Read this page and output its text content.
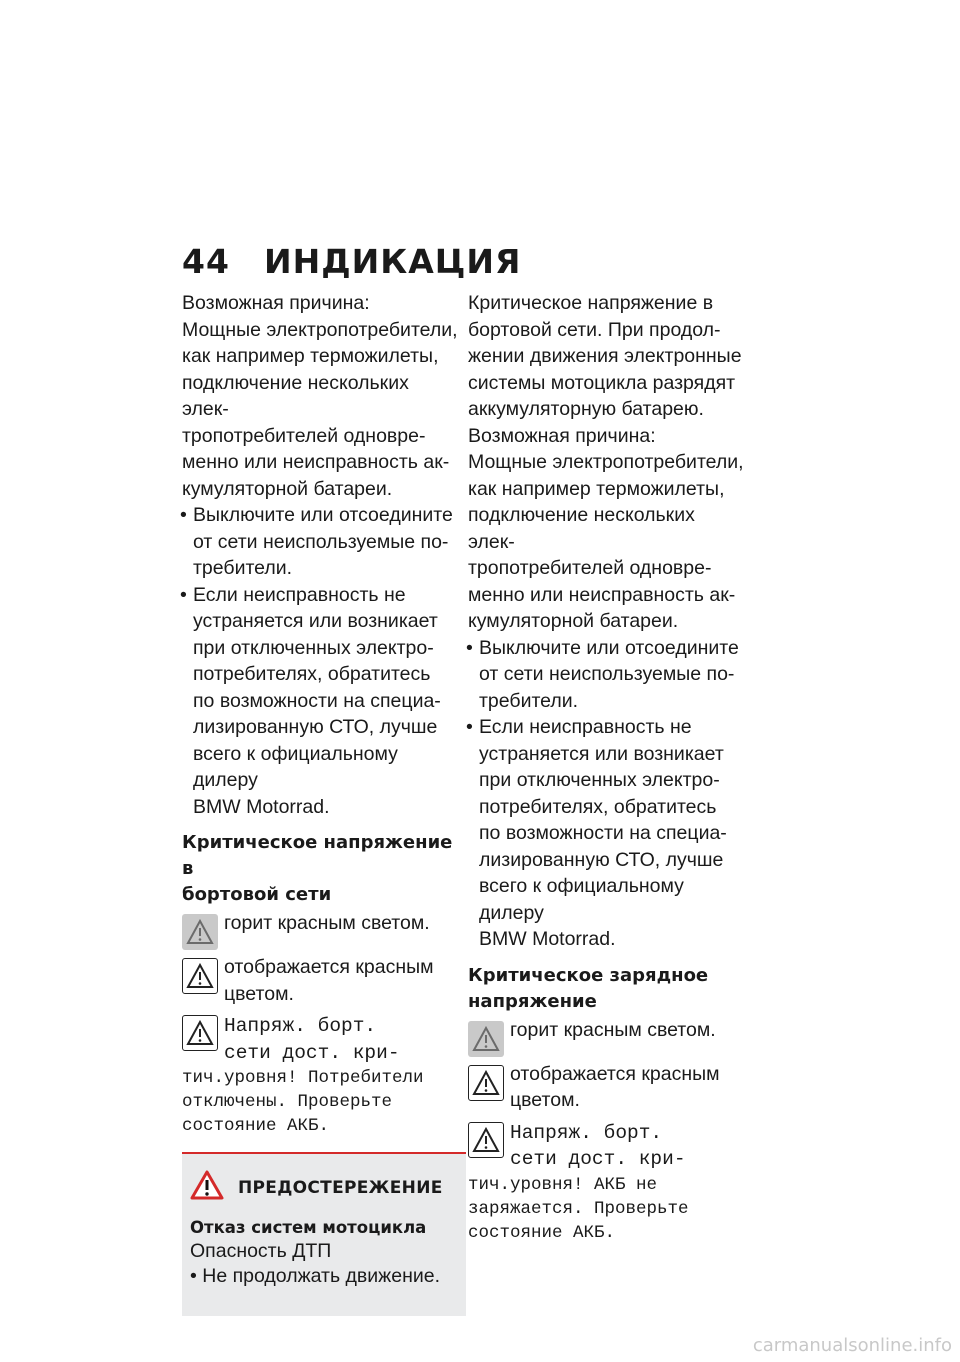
44 ИНДИКАЦИЯ

Возможная причина:

Мощные электропотребители,

как например терможилеты,

подключение нескольких элек-

тропотребителей одновре-

менно или неисправность ак-

кумуляторной батареи.

• Выключите или отсоедините

от сети неиспользуемые по-

требители.

• Если неисправность не

устраняется или возникает

при отключенных электро-

потребителях, обратитесь

по возможности на специа-

лизированную СТО, лучше

всего к официальному дилеру

BMW Motorrad.

Критическое напряжение в
бортовой сети
горит красным светом.
отображается красным
цветом.
Напряж. борт.
сети дост. кри-

тич.уровня! Потребители

отключены. Проверьте

состояние АКБ.

ПРЕДОСТЕРЕЖЕНИЕ

Отказ систем мотоцикла

Опасность ДТП

• Не продолжать движение.

Критическое напряжение в

бортовой сети. При продол-

жении движения электронные

системы мотоцикла разрядят

аккумуляторную батарею.

Возможная причина:

Мощные электропотребители,

как например терможилеты,

подключение нескольких элек-

тропотребителей одновре-

менно или неисправность ак-

кумуляторной батареи.

• Выключите или отсоедините

от сети неиспользуемые по-

требители.

• Если неисправность не

устраняется или возникает

при отключенных электро-

потребителях, обратитесь

по возможности на специа-

лизированную СТО, лучше

всего к официальному дилеру

BMW Motorrad.

Критическое зарядное
напряжение
горит красным светом.
отображается красным
цветом.
Напряж. борт.
сети дост. кри-

тич.уровня! АКБ не

заряжается. Проверьте

состояние АКБ.

carmanualsonline.info
